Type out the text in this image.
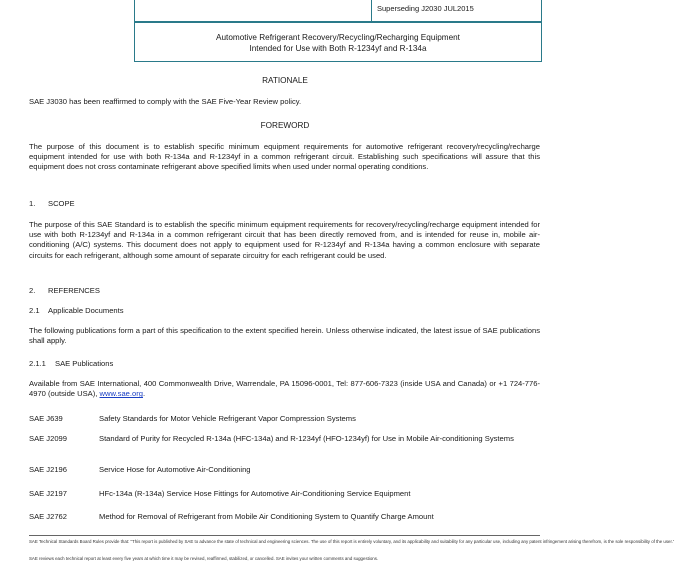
Superseding J2030 JUL2015
Automotive Refrigerant Recovery/Recycling/Recharging Equipment
Intended for Use with Both R-1234yf and R-134a
RATIONALE
SAE J3030 has been reaffirmed to comply with the SAE Five-Year Review policy.
FOREWORD
The purpose of this document is to establish specific minimum equipment requirements for automotive refrigerant recovery/recycling/recharge equipment intended for use with both R-134a and R-1234yf in a common refrigerant circuit. Establishing such specifications will assure that this equipment does not cross contaminate refrigerant above specified limits when used under normal operating conditions.
1. SCOPE
The purpose of this SAE Standard is to establish the specific minimum equipment requirements for recovery/recycling/recharge equipment intended for use with both R-1234yf and R-134a in a common refrigerant circuit that has been directly removed from, and is intended for reuse in, mobile air-conditioning (A/C) systems. This document does not apply to equipment used for R-1234yf and R-134a having a common enclosure with separate circuits for each refrigerant, although some amount of separate circuitry for each refrigerant could be used.
2. REFERENCES
2.1 Applicable Documents
The following publications form a part of this specification to the extent specified herein. Unless otherwise indicated, the latest issue of SAE publications shall apply.
2.1.1 SAE Publications
Available from SAE International, 400 Commonwealth Drive, Warrendale, PA 15096-0001, Tel: 877-606-7323 (inside USA and Canada) or +1 724-776-4970 (outside USA), www.sae.org.
SAE J639	Safety Standards for Motor Vehicle Refrigerant Vapor Compression Systems
SAE J2099	Standard of Purity for Recycled R-134a (HFC-134a) and R-1234yf (HFO-1234yf) for Use in Mobile Air-conditioning Systems
SAE J2196	Service Hose for Automotive Air-Conditioning
SAE J2197	HFc-134a (R-134a) Service Hose Fittings for Automotive Air-Conditioning Service Equipment
SAE J2762	Method for Removal of Refrigerant from Mobile Air Conditioning System to Quantify Charge Amount
SAE Technical Standards Board Rules provide that: "This report is published by SAE to advance the state of technical and engineering sciences. The use of this report is entirely voluntary, and its applicability and suitability for any particular use, including any patent infringement arising therefrom, is the sole responsibility of the user."
SAE reviews each technical report at least every five years at which time it may be revised, reaffirmed, stabilized, or cancelled. SAE invites your written comments and suggestions.
